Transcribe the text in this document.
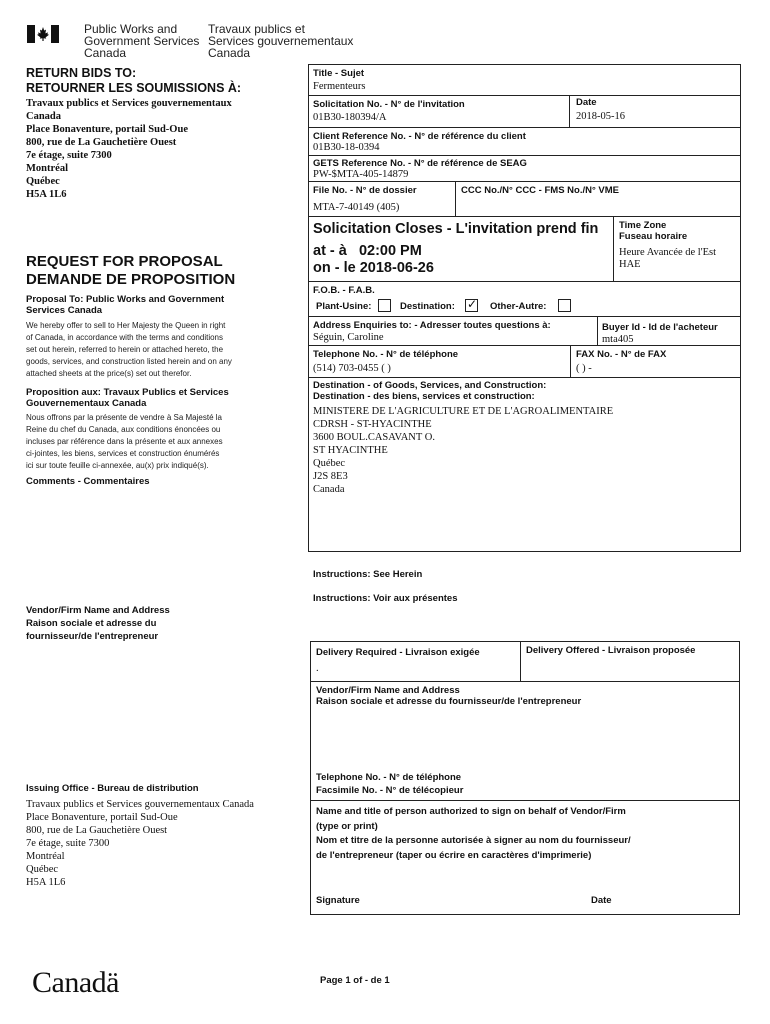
Public Works and
Government Services
Canada
Travaux publics et
Services gouvernementaux
Canada
RETURN BIDS TO:
RETOURNER LES SOUMISSIONS À:
Travaux publics et Services gouvernementaux
Canada
Place Bonaventure, portail Sud-Oue
800, rue de La Gauchetière Ouest
7e étage, suite 7300
Montréal
Québec
H5A 1L6
REQUEST FOR PROPOSAL
DEMANDE DE PROPOSITION
Proposal To: Public Works and Government
Services Canada
We hereby offer to sell to Her Majesty the Queen in right
of Canada, in accordance with the terms and conditions
set out herein, referred to herein or attached hereto, the
goods, services, and construction listed herein and on any
attached sheets at the price(s) set out therefor.
Proposition aux: Travaux Publics et Services
Gouvernementaux Canada
Nous offrons par la présente de vendre à Sa Majesté la
Reine du chef du Canada, aux conditions énoncées ou
incluses par référence dans la présente et aux annexes
ci-jointes, les biens, services et construction énumérés
ici sur toute feuille ci-annexée, au(x) prix indiqué(s).
Comments - Commentaires
Vendor/Firm Name and Address
Raison sociale et adresse du
fournisseur/de l'entrepreneur
Issuing Office - Bureau de distribution
Travaux publics et Services gouvernementaux Canada
Place Bonaventure, portail Sud-Oue
800, rue de La Gauchetière Ouest
7e étage, suite 7300
Montréal
Québec
H5A 1L6
Title - Sujet
Fermenteurs
Solicitation No. - N° de l'invitation
01B30-180394/A
Date
2018-05-16
Client Reference No. - N° de référence du client
01B30-18-0394
GETS Reference No. - N° de référence de SEAG
PW-$MTA-405-14879
File No. - N° de dossier
MTA-7-40149 (405)
CCC No./N° CCC - FMS No./N° VME
Solicitation Closes - L'invitation prend fin
at - à 02:00 PM
on - le 2018-06-26
Time Zone
Fuseau horaire
Heure Avancée de l'Est
HAE
F.O.B. - F.A.B.
Plant-Usine:	Destination: ✓ Other-Autre:
Address Enquiries to: - Adresser toutes questions à:
Séguin, Caroline
Buyer Id - Id de l'acheteur
mta405
Telephone No. - N° de téléphone
(514) 703-0455 ( )
FAX No. - N° de FAX
( ) -
Destination - of Goods, Services, and Construction:
Destination - des biens, services et construction:
MINISTERE DE L'AGRICULTURE ET DE L'AGROALIMENTAIRE
CDRSH - ST-HYACINTHE
3600 BOUL.CASAVANT O.
ST HYACINTHE
Québec
J2S 8E3
Canada
Instructions: See Herein
Instructions: Voir aux présentes
Delivery Required - Livraison exigée
.
Delivery Offered - Livraison proposée
Vendor/Firm Name and Address
Raison sociale et adresse du fournisseur/de l'entrepreneur
Telephone No. - N° de téléphone
Facsimile No. - N° de télécopieur
Name and title of person authorized to sign on behalf of Vendor/Firm
(type or print)
Nom et titre de la personne autorisée à signer au nom du fournisseur/
de l'entrepreneur (taper ou écrire en caractères d'imprimerie)
Signature	Date
Canadä	Page 1 of - de 1
